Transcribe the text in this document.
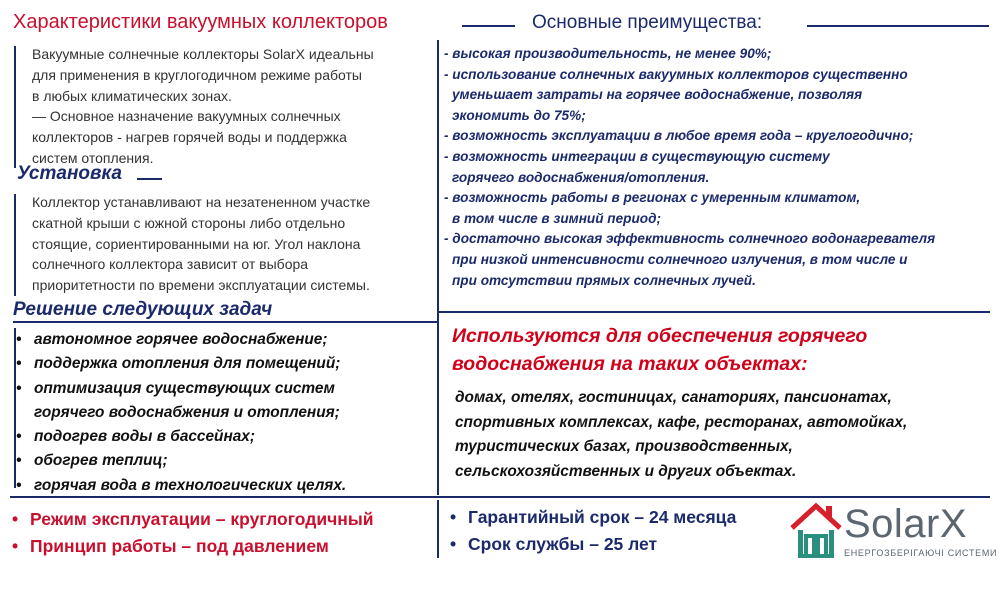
Характеристики вакуумных коллекторов	Основные преимущества:
Вакуумные солнечные коллекторы SolarX идеальны
для применения в круглогодичном режиме работы
в любых климатических зонах.
— Основное назначение вакуумных солнечных
коллекторов - нагрев горячей воды и поддержка
систем отопления.
Установка
Коллектор устанавливают на незатененном участке
скатной крыши с южной стороны либо отдельно
стоящие, сориентированными на юг. Угол наклона
солнечного коллектора зависит от выбора
приоритетности по времени эксплуатации системы.
Решение следующих задач
• автономное горячее водоснабжение;
• поддержка отопления для помещений;
• оптимизация существующих систем
горячего водоснабжения и отопления;
• подогрев воды в бассейнах;
• обогрев теплиц;
• горячая вода в технологических целях.
- высокая производительность, не менее 90%;
- использование солнечных вакуумных коллекторов существенно
уменьшает затраты на горячее водоснабжение, позволяя
экономить до 75%;
- возможность эксплуатации в любое время года – круглогодично;
- возможность интеграции в существующую систему
горячего водоснабжения/отопления.
- возможность работы в регионах с умеренным климатом,
в том числе в зимний период;
- достаточно высокая эффективность солнечного водонагревателя
при низкой интенсивности солнечного излучения, в том числе и
при отсутствии прямых солнечных лучей.
Используются для обеспечения горячего
водоснабжения на таких объектах:
домах, отелях, гостиницах, санаториях, пансионатах,
спортивных комплексах, кафе, ресторанах, автомойках,
туристических базах, производственных,
сельскохозяйственных и других объектах.
• Режим эксплуатации – круглогодичный
• Принцип работы – под давлением
• Гарантийный срок – 24 месяца
• Срок службы – 25 лет	SolarX
ЕНЕРГОЗБЕРІГАЮЧІ СИСТЕМИ
